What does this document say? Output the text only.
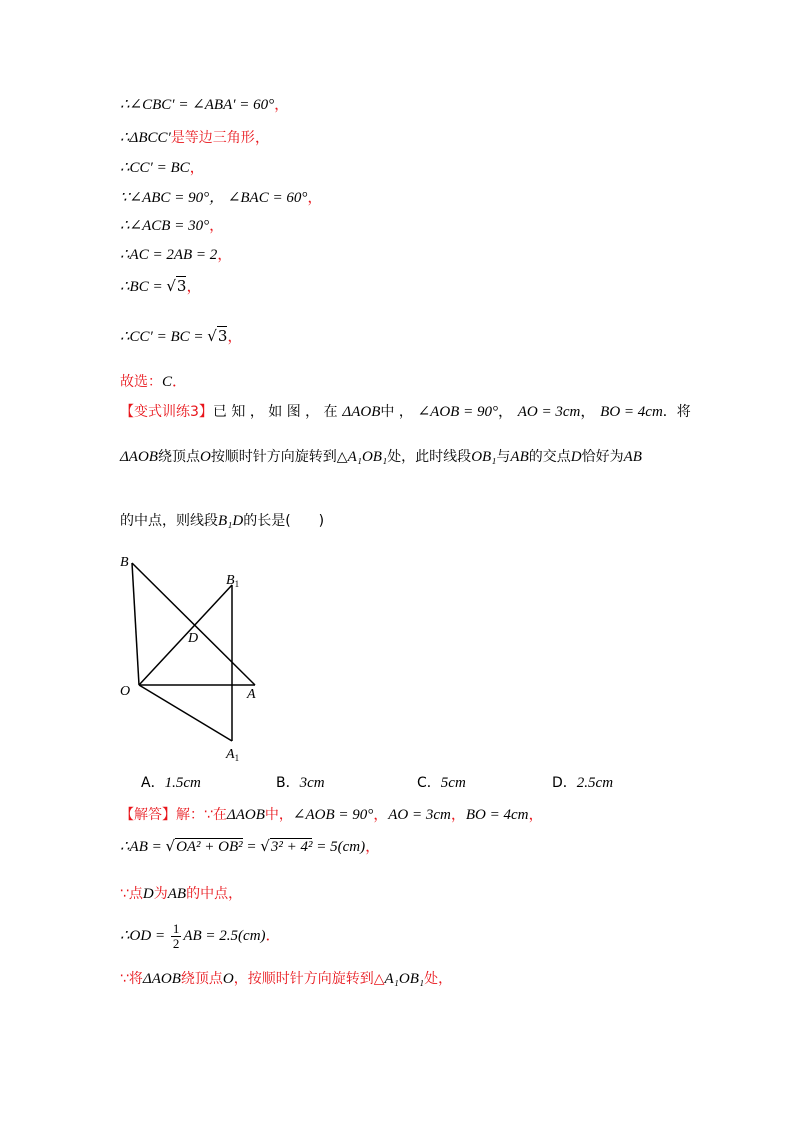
∴∠CBC′ = ∠ABA′ = 60°，
∴ΔBCC′是等边三角形，
∴CC′ = BC，
∵∠ABC = 90°， ∠BAC = 60°，
∴∠ACB = 30°，
∴AC = 2AB = 2，
∴BC = √3，
∴CC′ = BC = √3，
故选：C．
【变式训练3】已 知 ， 如 图 ， 在 ΔAOB中 ， ∠AOB = 90°， AO = 3cm， BO = 4cm．将
ΔAOB绕顶点O按顺时针方向旋转到△A₁OB₁处，此时线段OB₁与AB的交点D恰好为AB
的中点，则线段B₁D的长是(　　)
B
$B_1$
D
O	A
$A_1$
A．1.5cm	B．3cm	C．5cm	D．2.5cm
【解答】解：∵在ΔAOB中，∠AOB = 90°，AO = 3cm，BO = 4cm，
∴AB = √OA² + OB² = √3² + 4² = 5(cm)，
∵点D为AB的中点，
∴OD = $\frac{1}{2}$ AB = 2.5(cm)．
∵将ΔAOB绕顶点O，按顺时针方向旋转到△A₁OB₁处，
